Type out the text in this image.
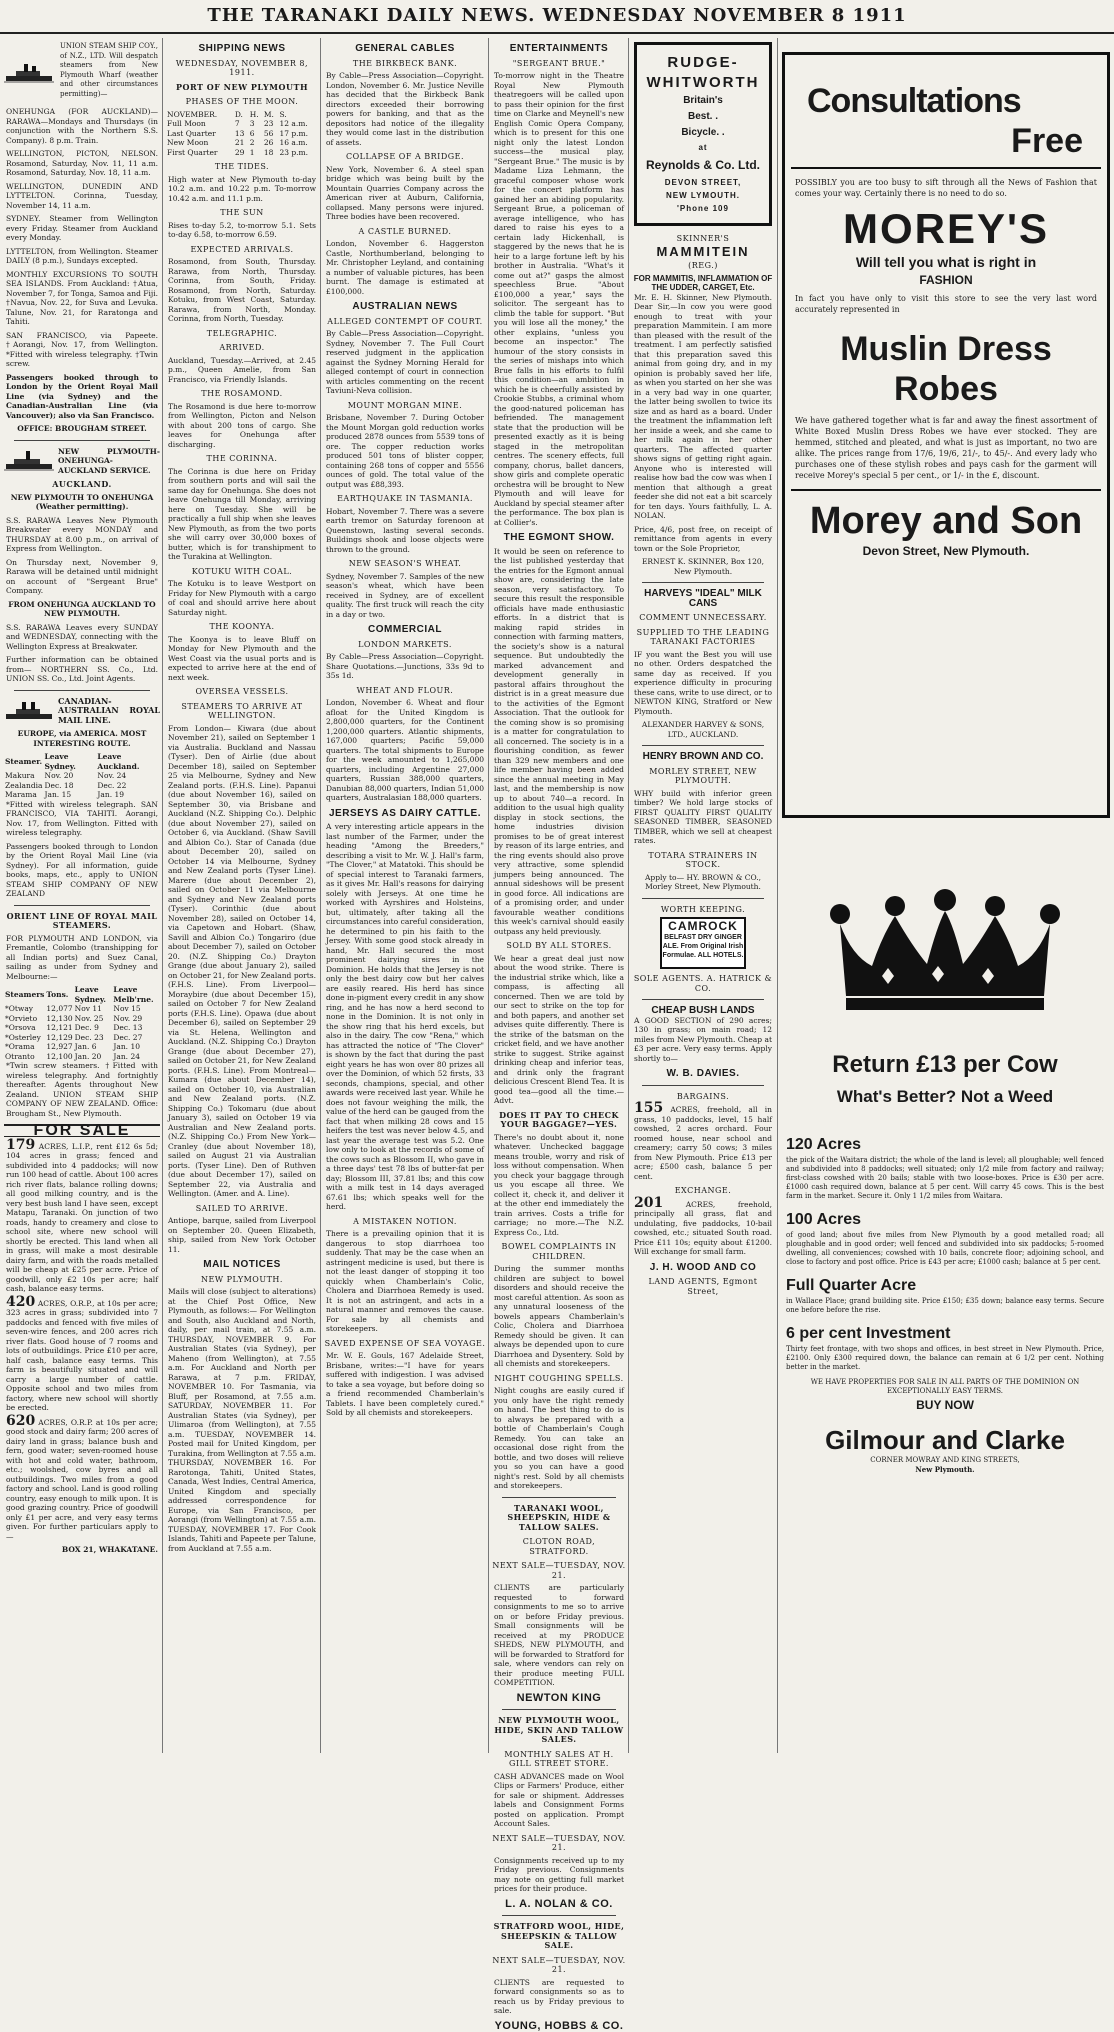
THE TARANAKI DAILY NEWS. WEDNESDAY NOVEMBER 8 1911
UNION STEAM SHIP COY., of N.Z., LTD. Will despatch steamers from New Plymouth Wharf (weather and other circumstances permitting)—
ONEHUNGA (FOR AUCKLAND)—RARAWA—Mondays and Thursdays (in conjunction with the Northern S.S. Company). 8 p.m. Train.
WELLINGTON, PICTON, NELSON. Rosamond, Saturday, Nov. 11, 11 a.m. Rosamond, Saturday, Nov. 18, 11 a.m.
WELLINGTON, DUNEDIN AND LYTTELTON. Corinna, Tuesday, November 14, 11 a.m.
SYDNEY. Steamer from Wellington every Friday. Steamer from Auckland every Monday.
LYTTELTON, from Wellington. Steamer DAILY (8 p.m.), Sundays excepted.
MONTHLY EXCURSIONS TO SOUTH SEA ISLANDS. From Auckland: †Atua, November 7, for Tonga, Samoa and Fiji. †Navua, Nov. 22, for Suva and Levuka. Talune, Nov. 21, for Raratonga and Tahiti.
SAN FRANCISCO, via Papeete. †Aorangi, Nov. 17, from Wellington. *Fitted with wireless telegraphy. †Twin screw.
Passengers booked through to London by the Orient Royal Mail Line (via Sydney) and the Canadian-Australian Line (via Vancouver); also via San Francisco.
OFFICE: BROUGHAM STREET.
NEW PLYMOUTH-ONEHUNGA-AUCKLAND SERVICE.
AUCKLAND.
NEW PLYMOUTH TO ONEHUNGA (Weather permitting).
S.S. RARAWA Leaves New Plymouth Breakwater every MONDAY and THURSDAY at 8.00 p.m., on arrival of Express from Wellington.
On Thursday next, November 9, Rarawa will be detained until midnight on account of "Sergeant Brue" Company.
FROM ONEHUNGA AUCKLAND TO NEW PLYMOUTH.
S.S. RARAWA Leaves every SUNDAY and WEDNESDAY, connecting with the Wellington Express at Breakwater.
Further information can be obtained from— NORTHERN SS. Co., Ltd. UNION SS. Co., Ltd. Joint Agents.
CANADIAN-AUSTRALIAN ROYAL MAIL LINE.
EUROPE, via AMERICA. MOST INTERESTING ROUTE.
Steamer.	Leave Sydney.	Leave Auckland.
Makura	Nov. 20	Nov. 24
Zealandia	Dec. 18	Dec. 22
Marama	Jan. 15	Jan. 19
*Fitted with wireless telegraph. SAN FRANCISCO, VIA TAHITI. Aorangi, Nov. 17, from Wellington. Fitted with wireless telegraphy.
Passengers booked through to London by the Orient Royal Mail Line (via Sydney). For all information, guide books, maps, etc., apply to UNION STEAM SHIP COMPANY OF NEW ZEALAND
ORIENT LINE OF ROYAL MAIL STEAMERS.
FOR PLYMOUTH AND LONDON, via Fremantle, Colombo (transhipping for all Indian ports) and Suez Canal, sailing as under from Sydney and Melbourne:—
Steamers	Tons.	Leave Sydney.	Leave Melb'rne.
*Otway	12,077	Nov 11	Nov 15
*Orvieto	12,130	Nov. 25	Nov. 29
*Orsova	12,121	Dec. 9	Dec. 13
*Osterley	12,129	Dec. 23	Dec. 27
*Orama	12,927	Jan. 6	Jan. 10
Otranto	12,100	Jan. 20	Jan. 24
*Twin screw steamers. †Fitted with wireless telegraphy. And fortnightly thereafter. Agents throughout New Zealand. UNION STEAM SHIP COMPANY OF NEW ZEALAND. Office: Brougham St., New Plymouth.
FOR SALE
179 ACRES, L.I.P., rent £12 6s 5d; 104 acres in grass; fenced and subdivided into 4 paddocks; will now run 100 head of cattle. About 100 acres rich river flats, balance rolling downs; all good milking country, and is the very best bush land I have seen, except Matapu, Taranaki. On junction of two roads, handy to creamery and close to school site, where new school will shortly be erected. This land when all in grass, will make a most desirable dairy farm, and with the roads metalled will be cheap at £25 per acre. Price of goodwill, only £2 10s per acre; half cash, balance easy terms.
420 ACRES, O.R.P., at 10s per acre; 323 acres in grass; subdivided into 7 paddocks and fenced with five miles of seven-wire fences, and 200 acres rich river flats. Good house of 7 rooms and lots of outbuildings. Price £10 per acre, half cash, balance easy terms. This farm is beautifully situated and will carry a large number of cattle. Opposite school and two miles from factory, where new school will shortly be erected.
620 ACRES, O.R.P. at 10s per acre; good stock and dairy farm; 200 acres of dairy land in grass; balance bush and fern, good water; seven-roomed house with hot and cold water, bathroom, etc.; woolshed, cow byres and all outbuildings. Two miles from a good factory and school. Land is good rolling country, easy enough to milk upon. It is good grazing country. Price of goodwill only £1 per acre, and very easy terms given. For further particulars apply to—
BOX 21, WHAKATANE.
SHIPPING NEWS
WEDNESDAY, NOVEMBER 8, 1911.
PORT OF NEW PLYMOUTH
PHASES OF THE MOON.
NOVEMBER.	D.	H.	M.	S.
Full Moon	7	3	23	12 a.m.
Last Quarter	13	6	56	17 p.m.
New Moon	21	2	26	16 a.m.
First Quarter	29	1	18	23 p.m.
THE TIDES.
High water at New Plymouth to-day 10.2 a.m. and 10.22 p.m. To-morrow 10.42 a.m. and 11.1 p.m.
THE SUN
Rises to-day 5.2, to-morrow 5.1. Sets to-day 6.58, to-morrow 6.59.
EXPECTED ARRIVALS.
Rosamond, from South, Thursday. Rarawa, from North, Thursday. Corinna, from South, Friday. Rosamond, from North, Saturday. Kotuku, from West Coast, Saturday. Rarawa, from North, Monday. Corinna, from North, Tuesday.
TELEGRAPHIC.
ARRIVED.
Auckland, Tuesday.—Arrived, at 2.45 p.m., Queen Amelie, from San Francisco, via Friendly Islands.
THE ROSAMOND.
The Rosamond is due here to-morrow from Wellington, Picton and Nelson with about 200 tons of cargo. She leaves for Onehunga after discharging.
THE CORINNA.
The Corinna is due here on Friday from southern ports and will sail the same day for Onehunga. She does not leave Onehunga till Monday, arriving here on Tuesday. She will be practically a full ship when she leaves New Plymouth, as from the two ports she will carry over 30,000 boxes of butter, which is for transhipment to the Turakina at Wellington.
KOTUKU WITH COAL.
The Kotuku is to leave Westport on Friday for New Plymouth with a cargo of coal and should arrive here about Saturday night.
THE KOONYA.
The Koonya is to leave Bluff on Monday for New Plymouth and the West Coast via the usual ports and is expected to arrive here at the end of next week.
OVERSEA VESSELS.
STEAMERS TO ARRIVE AT WELLINGTON.
From London— Kiwara (due about November 21), sailed on September 1 via Australia. Buckland and Nassau (Tyser). Den of Airlie (due about December 18), sailed on September 25 via Melbourne, Sydney and New Zealand ports. (F.H.S. Line). Papanui (due about November 16), sailed on September 30, via Brisbane and Auckland (N.Z. Shipping Co.). Delphic (due about November 27), sailed on October 6, via Auckland. (Shaw Savill and Albion Co.). Star of Canada (due about December 20), sailed on October 14 via Melbourne, Sydney and New Zealand ports (Tyser Line). Marere (due about December 2), sailed on October 11 via Melbourne and Sydney and New Zealand ports (Tyser). Corinthic (due about November 28), sailed on October 14, via Capetown and Hobart. (Shaw, Savill and Albion Co.) Tongariro (due about December 7), sailed on October 20. (N.Z. Shipping Co.) Drayton Grange (due about January 2), sailed on October 21, for New Zealand ports. (F.H.S. Line). From Liverpool— Moraybire (due about December 15), sailed on October 7 for New Zealand ports (F.H.S. Line). Opawa (due about December 6), sailed on September 29 via St. Helena, Wellington and Auckland. (N.Z. Shipping Co.) Drayton Grange (due about December 27), sailed on October 21, for New Zealand ports. (F.H.S. Line). From Montreal— Kumara (due about December 14), sailed on October 10, via Australian and New Zealand ports. (N.Z. Shipping Co.) Tokomaru (due about January 3), sailed on October 19 via Australian and New Zealand ports. (N.Z. Shipping Co.) From New York— Cranley (due about November 18), sailed on August 21 via Australian ports. (Tyser Line). Den of Ruthven (due about December 17), sailed on September 22, via Australia and Wellington. (Amer. and A. Line).
SAILED TO ARRIVE.
Antiope, barque, sailed from Liverpool on September 20. Queen Elizabeth, ship, sailed from New York October 11.
MAIL NOTICES
NEW PLYMOUTH.
Mails will close (subject to alterations) at the Chief Post Office, New Plymouth, as follows:— For Wellington and South, also Auckland and North, daily, per mail train, at 7.55 a.m. THURSDAY, NOVEMBER 9. For Australian States (via Sydney), per Maheno (from Wellington), at 7.55 a.m. For Auckland and North per Rarawa, at 7 p.m. FRIDAY, NOVEMBER 10. For Tasmania, via Bluff, per Rosamond, at 7.55 a.m. SATURDAY, NOVEMBER 11. For Australian States (via Sydney), per Ulimaroa (from Wellington), at 7.55 a.m. TUESDAY, NOVEMBER 14. Posted mail for United Kingdom, per Turakina, from Wellington at 7.55 a.m. THURSDAY, NOVEMBER 16. For Rarotonga, Tahiti, United States, Canada, West Indies, Central America, United Kingdom and specially addressed correspondence for Europe, via San Francisco, per Aorangi (from Wellington) at 7.55 a.m. TUESDAY, NOVEMBER 17. For Cook Islands, Tahiti and Papeete per Talune, from Auckland at 7.55 a.m.
GENERAL CABLES
THE BIRKBECK BANK.
By Cable—Press Association—Copyright. London, November 6. Mr. Justice Neville has decided that the Birkbeck Bank directors exceeded their borrowing powers for banking, and that as the depositors had notice of the illegality they would come last in the distribution of assets.
COLLAPSE OF A BRIDGE.
New York, November 6. A steel span bridge which was being built by the Mountain Quarries Company across the American river at Auburn, California, collapsed. Many persons were injured. Three bodies have been recovered.
A CASTLE BURNED.
London, November 6. Haggerston Castle, Northumberland, belonging to Mr. Christopher Leyland, and containing a number of valuable pictures, has been burnt. The damage is estimated at £100,000.
AUSTRALIAN NEWS
ALLEGED CONTEMPT OF COURT.
By Cable—Press Association—Copyright. Sydney, November 7. The Full Court reserved judgment in the application against the Sydney Morning Herald for alleged contempt of court in connection with articles commenting on the recent Taviuni-Neva collision.
MOUNT MORGAN MINE.
Brisbane, November 7. During October the Mount Morgan gold reduction works produced 2878 ounces from 5539 tons of ore. The copper reduction works produced 501 tons of blister copper, containing 268 tons of copper and 5556 ounces of gold. The total value of the output was £88,393.
EARTHQUAKE IN TASMANIA.
Hobart, November 7. There was a severe earth tremor on Saturday forenoon at Queenstown, lasting several seconds. Buildings shook and loose objects were thrown to the ground.
NEW SEASON'S WHEAT.
Sydney, November 7. Samples of the new season's wheat, which have been received in Sydney, are of excellent quality. The first truck will reach the city in a day or two.
COMMERCIAL
LONDON MARKETS.
By Cable—Press Association—Copyright. Share Quotations.—Junctions, 33s 9d to 35s 1d.
WHEAT AND FLOUR.
London, November 6. Wheat and flour afloat for the United Kingdom is 2,800,000 quarters, for the Continent 1,200,000 quarters. Atlantic shipments, 167,000 quarters; Pacific 59,000 quarters. The total shipments to Europe for the week amounted to 1,265,000 quarters, including Argentine 27,000 quarters, Russian 388,000 quarters, Danubian 88,000 quarters, Indian 51,000 quarters, Australasian 188,000 quarters.
JERSEYS AS DAIRY CATTLE.
A very interesting article appears in the last number of the Farmer, under the heading "Among the Breeders," describing a visit to Mr. W. J. Hall's farm, "The Clover," at Matatoki. This should be of special interest to Taranaki farmers, as it gives Mr. Hall's reasons for dairying solely with Jerseys. At one time he worked with Ayrshires and Holsteins, but, ultimately, after taking all the circumstances into careful consideration, he determined to pin his faith to the Jersey. With some good stock already in hand, Mr. Hall secured the most prominent dairying sires in the Dominion. He holds that the Jersey is not only the best dairy cow but her calves are easily reared. His herd has since done in-pigment every credit in any show ring, and he has now a herd second to none in the Dominion. It is not only in the show ring that his herd excels, but also in the dairy. The cow "Rena," which has attracted the notice of "The Clover" is shown by the fact that during the past eight years he has won over 80 prizes all over the Dominion, of which 52 firsts, 33 seconds, champions, special, and other awards were received last year. While he does not favour weighing the milk, the value of the herd can be gauged from the fact that when milking 28 cows and 15 heifers the test was never below 4.5, and last year the average test was 5.2. One low only to look at the records of some of the cows such as Blossom II, who gave in a three days' test 78 lbs of butter-fat per day; Blossom III, 37.81 lbs; and this cow with a milk test in 14 days averaged 67.61 lbs; which speaks well for the herd.
A MISTAKEN NOTION.
There is a prevailing opinion that it is dangerous to stop diarrhoea too suddenly. That may be the case when an astringent medicine is used, but there is not the least danger of stopping it too quickly when Chamberlain's Colic, Cholera and Diarrhoea Remedy is used. It is not an astringent, and acts in a natural manner and removes the cause. For sale by all chemists and storekeepers.
SAVED EXPENSE OF SEA VOYAGE.
Mr. W. E. Gouls, 167 Adelaide Street, Brisbane, writes:—"I have for years suffered with indigestion. I was advised to take a sea voyage, but before doing so a friend recommended Chamberlain's Tablets. I have been completely cured." Sold by all chemists and storekeepers.
ENTERTAINMENTS
"SERGEANT BRUE."
To-morrow night in the Theatre Royal New Plymouth theatregoers will be called upon to pass their opinion for the first time on Clarke and Meynell's new English Comic Opera Company, which is to present for this one night only the latest London success—the musical play, "Sergeant Brue." The music is by Madame Liza Lehmann, the graceful composer whose work for the concert platform has gained her an abiding popularity. Sergeant Brue, a policeman of average intelligence, who has dared to raise his eyes to a certain lady Hickenhall, is staggered by the news that he is heir to a large fortune left by his brother in Australia. "What's it come out at?" gasps the almost speechless Brue. "About £100,000 a year," says the solicitor. The sergeant has to climb the table for support. "But you will lose all the money," the other explains, "unless you become an inspector." The humour of the story consists in the series of mishaps into which Brue falls in his efforts to fulfil this condition—an ambition in which he is cheerfully assisted by Crookie Stubbs, a criminal whom the good-natured policeman has befriended. The management state that the production will be presented exactly as it is being staged in the metropolitan centres. The scenery effects, full company, chorus, ballet dancers, show girls and complete operatic orchestra will be brought to New Plymouth and will leave for Auckland by special steamer after the performance. The box plan is at Collier's.
THE EGMONT SHOW.
It would be seen on reference to the list published yesterday that the entries for the Egmont annual show are, considering the late season, very satisfactory. To secure this result the responsible officials have made enthusiastic efforts. In a district that is making rapid strides in connection with farming matters, the society's show is a natural sequence. But undoubtedly the marked advancement and development generally in pastoral affairs throughout the district is in a great measure due to the activities of the Egmont Association. That the outlook for the coming show is so promising is a matter for congratulation to all concerned. The society is in a flourishing condition, as fewer than 329 new members and one life member having been added since the annual meeting in May last, and the membership is now up to about 740—a record. In addition to the usual high quality display in stock sections, the home industries division promises to be of great interest by reason of its large entries, and the ring events should also prove very attractive, some splendid jumpers being announced. The annual sideshows will be present in good force. All indications are of a promising order, and under favourable weather conditions this week's carnival should easily outpass any held previously.
SOLD BY ALL STORES.
We hear a great deal just now about the wood strike. There is the industrial strike which, like a compass, is affecting all concerned. Then we are told by our sect to strike on the top for and both papers, and another set advises quite differently. There is the strike of the batsman on the cricket field, and we have another strike to suggest. Strike against drinking cheap and inferior teas, and drink only the fragrant delicious Crescent Blend Tea. It is good tea—good all the time.—Advt.
DOES IT PAY TO CHECK YOUR BAGGAGE?—YES.
There's no doubt about it, none whatever. Unchecked baggage means trouble, worry and risk of loss without compensation. When you check your baggage through us you escape all three. We collect it, check it, and deliver it at the other end immediately the train arrives. Costs a trifle for carriage; no more.—The N.Z. Express Co., Ltd.
BOWEL COMPLAINTS IN CHILDREN.
During the summer months children are subject to bowel disorders and should receive the most careful attention. As soon as any unnatural looseness of the bowels appears Chamberlain's Colic, Cholera and Diarrhoea Remedy should be given. It can always be depended upon to cure Diarrhoea and Dysentery. Sold by all chemists and storekeepers.
NIGHT COUGHING SPELLS.
Night coughs are easily cured if you only have the right remedy on hand. The best thing to do is to always be prepared with a bottle of Chamberlain's Cough Remedy. You can take an occasional dose right from the bottle, and two doses will relieve you so you can have a good night's rest. Sold by all chemists and storekeepers.
TARANAKI WOOL, SHEEPSKIN, HIDE & TALLOW SALES.
CLOTON ROAD, STRATFORD.
NEXT SALE—TUESDAY, NOV. 21.
CLIENTS are particularly requested to forward consignments to me so to arrive on or before Friday previous. Small consignments will be received at my PRODUCE SHEDS, NEW PLYMOUTH, and will be forwarded to Stratford for sale, where vendors can rely on their produce meeting FULL COMPETITION.
NEWTON KING
NEW PLYMOUTH WOOL, HIDE, SKIN AND TALLOW SALES.
MONTHLY SALES AT H. GILL STREET STORE.
CASH ADVANCES made on Wool Clips or Farmers' Produce, either for sale or shipment. Addresses labels and Consignment Forms posted on application. Prompt Account Sales.
NEXT SALE—TUESDAY, NOV. 21.
Consignments received up to my Friday previous. Consignments may note on getting full market prices for their produce.
L. A. NOLAN & CO.
STRATFORD WOOL, HIDE, SHEEPSKIN & TALLOW SALE.
NEXT SALE—TUESDAY, NOV. 21.
CLIENTS are requested to forward consignments so as to reach us by Friday previous to sale.
YOUNG, HOBBS & CO.
RUDGE-WHITWORTH
Britain's
Best. .
Bicycle. .
at
Reynolds & Co. Ltd.
DEVON STREET,
NEW LYMOUTH.
'Phone 109
SKINNER'S
MAMMITEIN
(REG.)
FOR MAMMITIS, INFLAMMATION OF THE UDDER, CARGET, Etc.
Mr. E. H. Skinner, New Plymouth. Dear Sir,—In cow you were good enough to treat with your preparation Mammitein. I am more than pleased with the result of the treatment. I am perfectly satisfied that this preparation saved this animal from going dry, and in my opinion is probably saved her life, as when you started on her she was in a very bad way in one quarter, the latter being swollen to twice its size and as hard as a board. Under the treatment the inflammation left her inside a week, and she came to her milk again in her other quarters. The affected quarter shows signs of getting right again. Anyone who is interested will realise how bad the cow was when I mention that although a great feeder she did not eat a bit scarcely for ten days. Yours faithfully, L. A. NOLAN.
Price, 4/6, post free, on receipt of remittance from agents in every town or the Sole Proprietor,
ERNEST K. SKINNER, Box 120, New Plymouth.
HARVEYS "IDEAL" MILK CANS
COMMENT UNNECESSARY.
SUPPLIED TO THE LEADING TARANAKI FACTORIES
IF you want the Best you will use no other. Orders despatched the same day as received. If you experience difficulty in procuring these cans, write to use direct, or to NEWTON KING, Stratford or New Plymouth.
ALEXANDER HARVEY & SONS, LTD., AUCKLAND.
HENRY BROWN AND CO.
MORLEY STREET, NEW PLYMOUTH.
WHY build with inferior green timber? We hold large stocks of FIRST QUALITY FIRST QUALITY SEASONED TIMBER, SEASONED TIMBER, which we sell at cheapest rates.
TOTARA STRAINERS IN STOCK.
Apply to— HY. BROWN & CO., Morley Street, New Plymouth.
WORTH KEEPING.
CAMROCK
BELFAST DRY GINGER ALE. From Original Irish Formulae. ALL HOTELS.
SOLE AGENTS. A. HATRICK & CO.
CHEAP BUSH LANDS
A GOOD SECTION of 290 acres; 130 in grass; on main road; 12 miles from New Plymouth. Cheap at £3 per acre. Very easy terms. Apply shortly to—
W. B. DAVIES.
BARGAINS.
155 ACRES, freehold, all in grass, 10 paddocks, level, 15 half cowshed, 2 acres orchard. Four roomed house, near school and creamery; carry 50 cows; 3 miles from New Plymouth. Price £13 per acre; £500 cash, balance 5 per cent.
EXCHANGE.
201	ACRES, freehold, principally all grass, flat and undulating, five paddocks, 10-bail cowshed, etc.; situated South road. Price £11 10s; equity about £1200. Will exchange for small farm.
J. H. WOOD AND CO
LAND AGENTS, Egmont Street,
Consultations
Free
POSSIBLY you are too busy to sift through all the News of Fashion that comes your way. Certainly there is no need to do so.
MOREY'S
Will tell you what is right in
FASHION
In fact you have only to visit this store to see the very last word accurately represented in
Muslin Dress Robes
We have gathered together what is far and away the finest assortment of White Boxed Muslin Dress Robes we have ever stocked. They are hemmed, stitched and pleated, and what is just as important, no two are alike. The prices range from 17/6, 19/6, 21/-, to 45/-. And every lady who purchases one of these stylish robes and pays cash for the garment will receive Morey's special 5 per cent., or 1/- in the £, discount.
Morey and Son
Devon Street, New Plymouth.
Return £13 per Cow
What's Better? Not a Weed
120 Acres
the pick of the Waitara district; the whole of the land is level; all ploughable; well fenced and subdivided into 8 paddocks; well situated; only 1/2 mile from factory and railway; first-class cowshed with 20 bails; stable with two loose-boxes. Price is £30 per acre. £1000 cash required down, balance at 5 per cent. Will carry 45 cows. This is the best farm in the market. Secure it. Only 1 1/2 miles from Waitara.
100 Acres
of good land; about five miles from New Plymouth by a good metalled road; all ploughable and in good order; well fenced and subdivided into six paddocks; 5-roomed dwelling, all conveniences; cowshed with 10 bails, concrete floor; adjoining school, and close to factory and post office. Price is £43 per acre; £1000 cash; balance at 5 per cent.
Full Quarter Acre
in Wallace Place; grand building site. Price £150; £35 down; balance easy terms. Secure one before before the rise.
6 per cent Investment
Thirty feet frontage, with two shops and offices, in best street in New Plymouth. Price, £2100. Only £300 required down, the balance can remain at 6 1/2 per cent. Nothing better in the market.
WE HAVE PROPERTIES FOR SALE IN ALL PARTS OF THE DOMINION ON EXCEPTIONALLY EASY TERMS.
BUY NOW
Gilmour and Clarke
CORNER MOWRAY AND KING STREETS,
New Plymouth.
